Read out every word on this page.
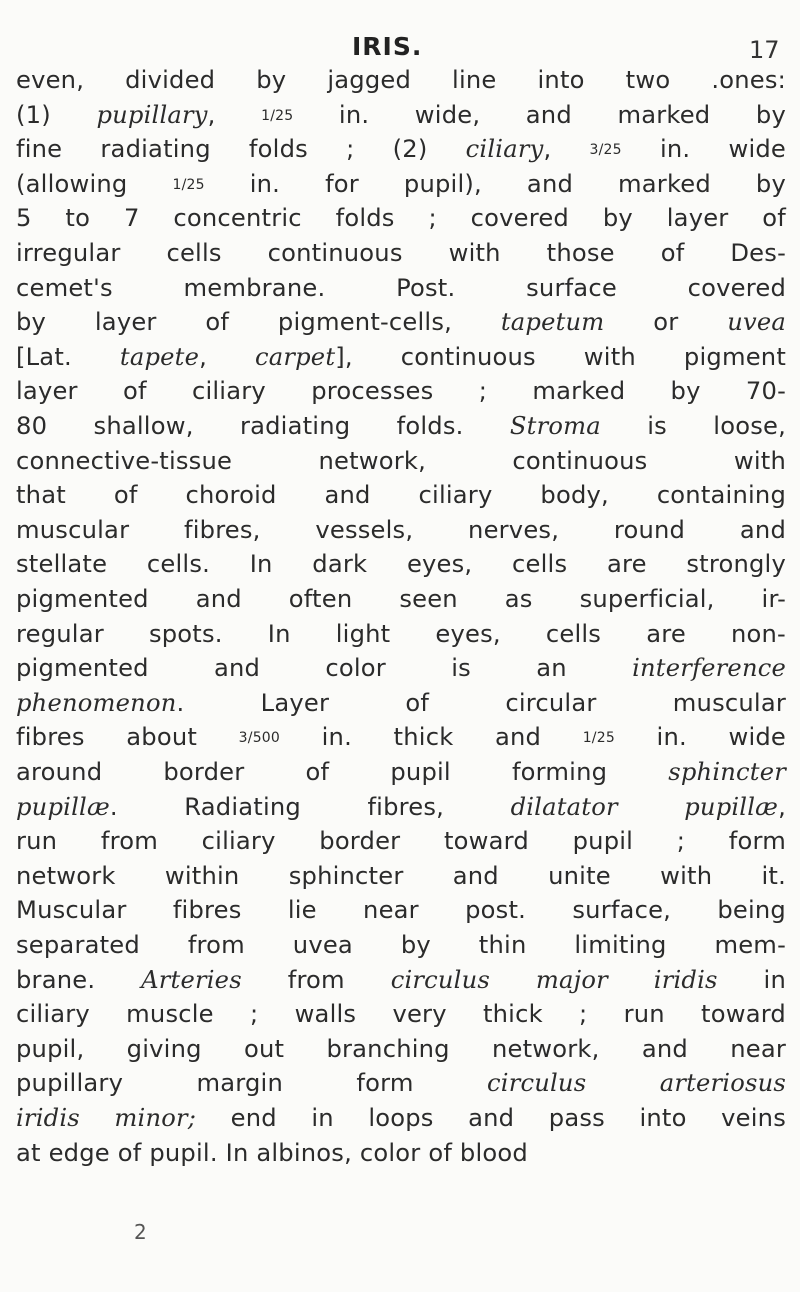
IRIS.	17
even, divided by jagged line into two .ones:
(1) pupillary, 1/25 in. wide, and marked by
fine radiating folds ; (2) ciliary, 3/25 in. wide
(allowing 1/25 in. for pupil), and marked by
5 to 7 concentric folds ; covered by layer of
irregular cells continuous with those of Des-
cemet's membrane. Post. surface covered
by layer of pigment-cells, tapetum or uvea
[Lat. tapete, carpet], continuous with pigment
layer of ciliary processes ; marked by 70-
80 shallow, radiating folds. Stroma is loose,
connective-tissue network, continuous with
that of choroid and ciliary body, containing
muscular fibres, vessels, nerves, round and
stellate cells. In dark eyes, cells are strongly
pigmented and often seen as superficial, ir-
regular spots. In light eyes, cells are non-
pigmented and color is an interference
phenomenon. Layer of circular muscular
fibres about 3/500 in. thick and 1/25 in. wide
around border of pupil forming sphincter
pupillæ. Radiating fibres, dilatator pupillæ,
run from ciliary border toward pupil ; form
network within sphincter and unite with it.
Muscular fibres lie near post. surface, being
separated from uvea by thin limiting mem-
brane. Arteries from circulus major iridis in
ciliary muscle ; walls very thick ; run toward
pupil, giving out branching network, and near
pupillary margin form circulus arteriosus
iridis minor; end in loops and pass into veins
at edge of pupil. In albinos, color of blood
2
